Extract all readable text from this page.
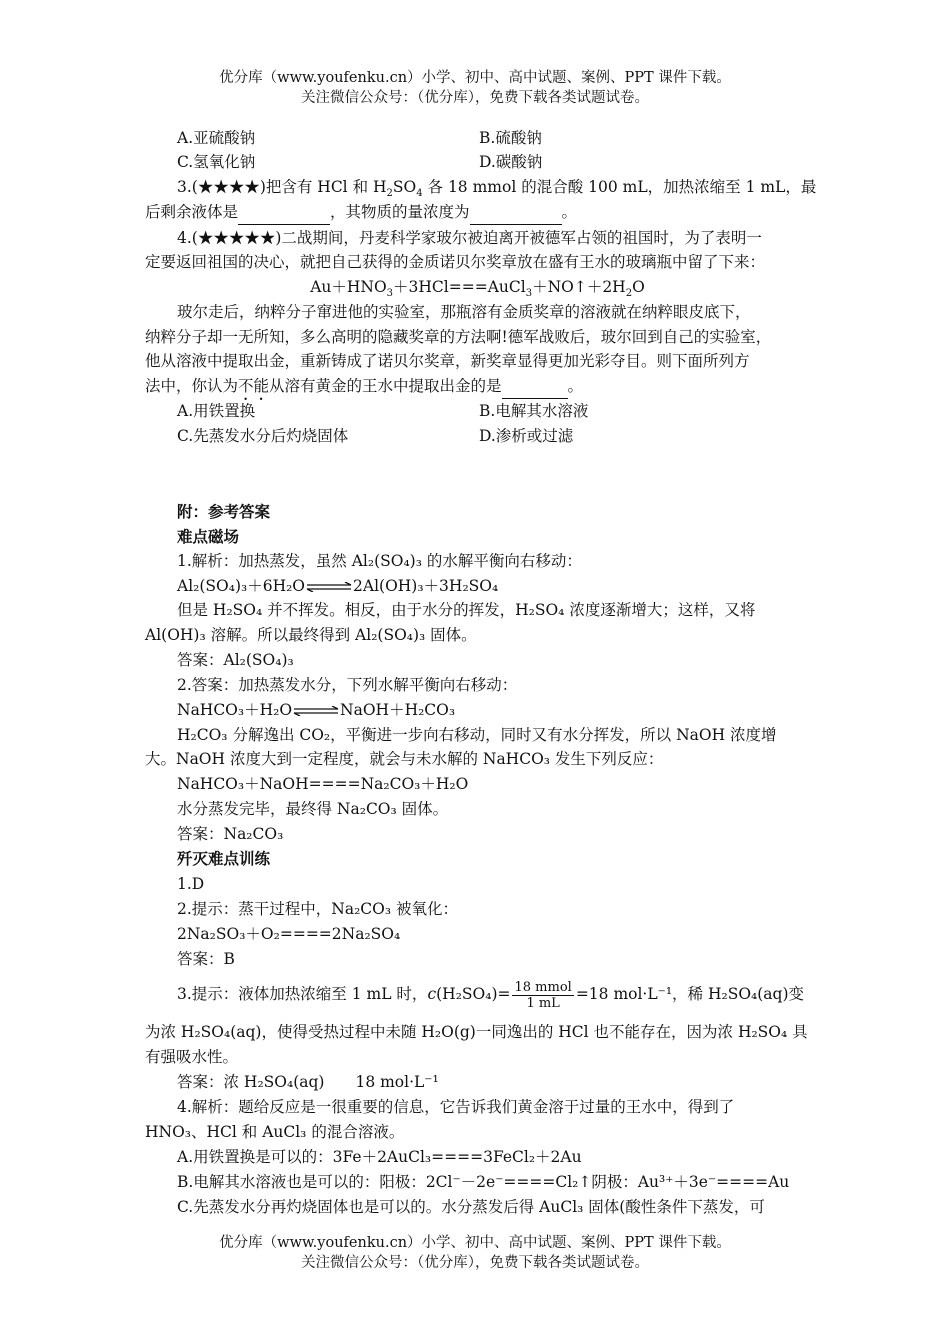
优分库（www.youfenku.cn）小学、初中、高中试题、案例、PPT 课件下载。
关注微信公众号：（优分库），免费下载各类试题试卷。
A.亚硫酸钠	B.硫酸钠
C.氢氧化钠	D.碳酸钠
3.(★★★★)把含有 HCl 和 $H_2SO_4$ 各 18 mmol 的混合酸 100 mL，加热浓缩至 1 mL，最
后剩余液体是	，其物质的量浓度为	。
4.(★★★★★)二战期间，丹麦科学家玻尔被迫离开被德军占领的祖国时，为了表明一
定要返回祖国的决心，就把自己获得的金质诺贝尔奖章放在盛有王水的玻璃瓶中留了下来：
$Au+HNO_3+3HCl===AuCl_3+NO↑+2H_2O$
玻尔走后，纳粹分子窜进他的实验室，那瓶溶有金质奖章的溶液就在纳粹眼皮底下，
纳粹分子却一无所知，多么高明的隐藏奖章的方法啊!德军战败后，玻尔回到自己的实验室，
他从溶液中提取出金，重新铸成了诺贝尔奖章，新奖章显得更加光彩夺目。则下面所列方
法中，你认为不能从溶有黄金的王水中提取出金的是	。
A.用铁置换	B.电解其水溶液
C.先蒸发水分后灼烧固体	D.渗析或过滤
附：参考答案
难点磁场
1.解析：加热蒸发，虽然 Al₂(SO₄)₃ 的水解平衡向右移动：
Al₂(SO₄)₃＋6H₂O⇌2Al(OH)₃＋3H₂SO₄
但是 H₂SO₄ 并不挥发。相反，由于水分的挥发，H₂SO₄ 浓度逐渐增大；这样，又将
Al(OH)₃ 溶解。所以最终得到 Al₂(SO₄)₃ 固体。
答案：Al₂(SO₄)₃
2.答案：加热蒸发水分，下列水解平衡向右移动：
NaHCO₃＋H₂O⇌NaOH＋H₂CO₃
H₂CO₃ 分解逸出 CO₂，平衡进一步向右移动，同时又有水分挥发，所以 NaOH 浓度增
大。NaOH 浓度大到一定程度，就会与未水解的 NaHCO₃ 发生下列反应：
NaHCO₃＋NaOH====Na₂CO₃＋H₂O
水分蒸发完毕，最终得 Na₂CO₃ 固体。
答案：Na₂CO₃
歼灭难点训练
1.D
2.提示：蒸干过程中，Na₂CO₃ 被氧化：
2Na₂SO₃＋O₂====2Na₂SO₄
答案：B
3.提示：液体加热浓缩至 1 mL 时，$c(H_2SO_4)= \frac{\text{18 mmol}}{1 mL} =18$ mol·L⁻¹，稀 H₂SO₄(aq)变
为浓 H₂SO₄(aq)，使得受热过程中未随 H₂O(g)一同逸出的 HCl 也不能存在，因为浓 H₂SO₄ 具
有强吸水性。
答案：浓 H₂SO₄(aq)　　18 mol·L⁻¹
4.解析：题给反应是一很重要的信息，它告诉我们黄金溶于过量的王水中，得到了
HNO₃、HCl 和 AuCl₃ 的混合溶液。
A.用铁置换是可以的：3Fe＋2AuCl₃====3FeCl₂＋2Au
B.电解其水溶液也是可以的：阳极：2Cl⁻－2e⁻====Cl₂↑阴极：Au³⁺＋3e⁻====Au
C.先蒸发水分再灼烧固体也是可以的。水分蒸发后得 AuCl₃ 固体(酸性条件下蒸发，可
优分库（www.youfenku.cn）小学、初中、高中试题、案例、PPT 课件下载。
关注微信公众号：（优分库），免费下载各类试题试卷。
